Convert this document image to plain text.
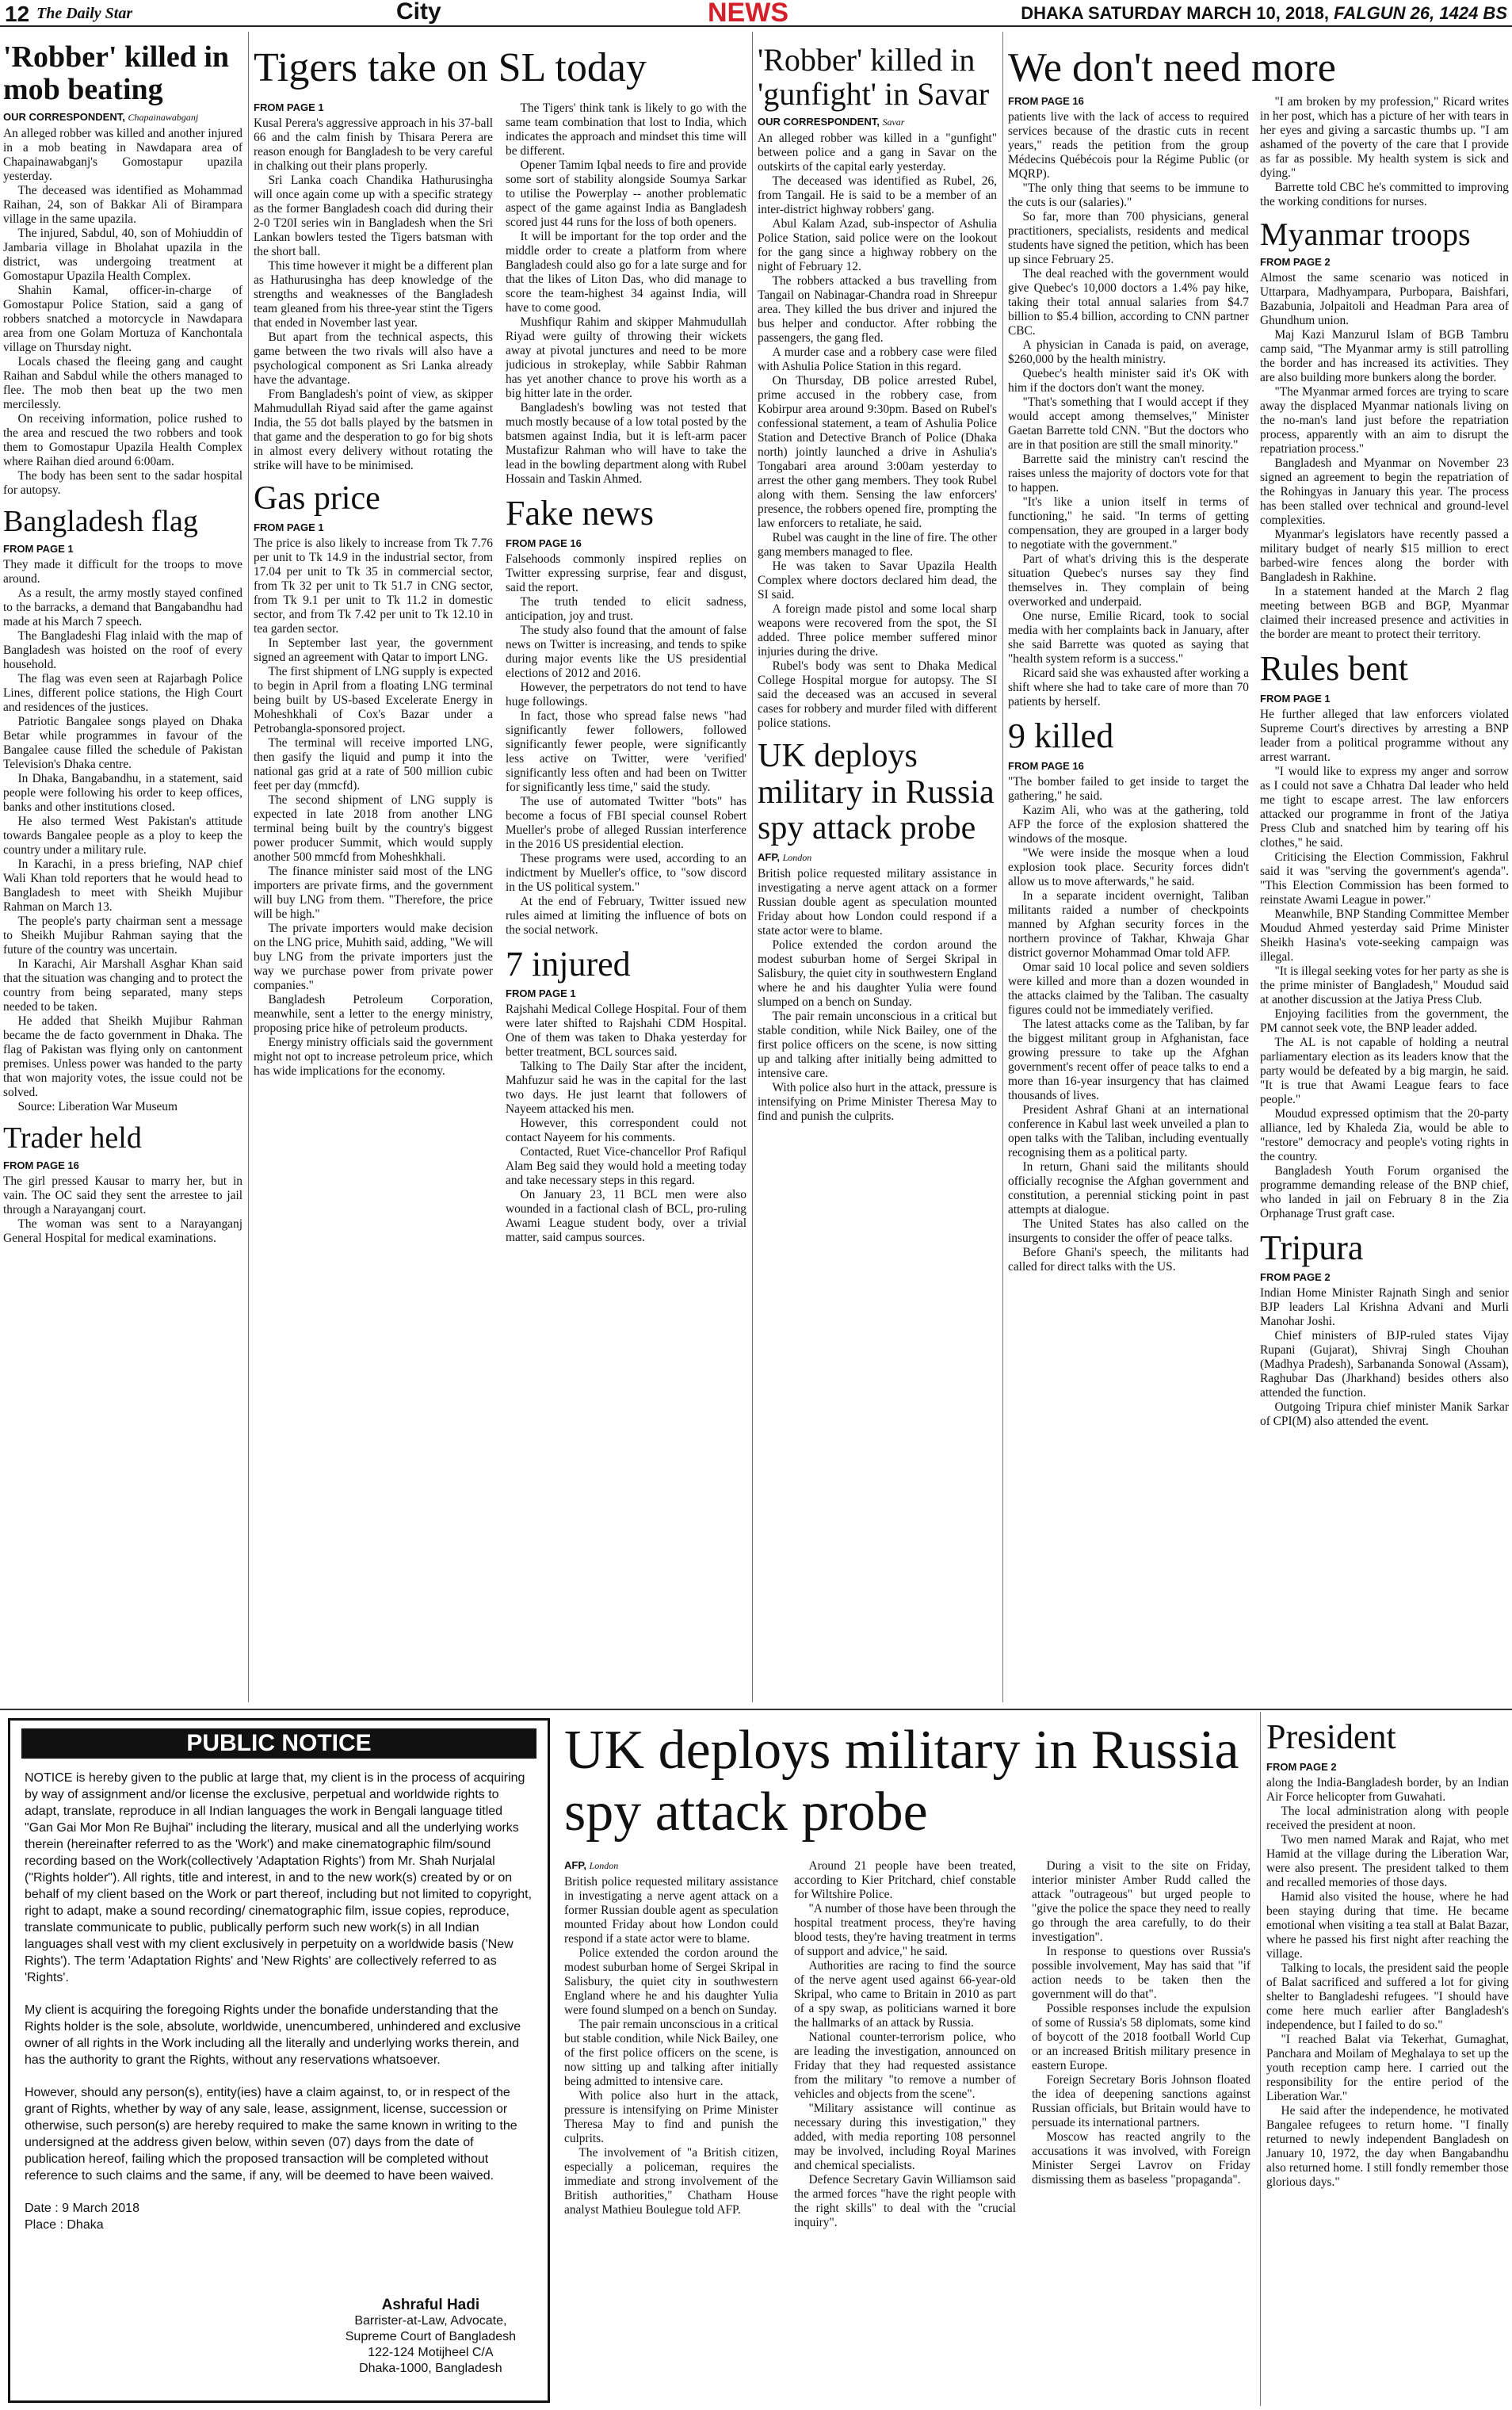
12 The Daily Star	City	NEWS	DHAKA SATURDAY MARCH 10, 2018, FALGUN 26, 1424 BS
'Robber' killed in mob beating
OUR CORRESPONDENT, Chapainawabganj

An alleged robber was killed and another injured in a mob beating in Nawdapara area of Chapainawabganj's Gomostapur upazila yesterday.

The deceased was identified as Mohammad Raihan, 24, son of Bakkar Ali of Birampara village in the same upazila.

The injured, Sabdul, 40, son of Mohiuddin of Jambaria village in Bholahat upazila in the district, was undergoing treatment at Gomostapur Upazila Health Complex.

Shahin Kamal, officer-in-charge of Gomostapur Police Station, said a gang of robbers snatched a motorcycle in Nawdapara area from one Golam Mortuza of Kanchontala village on Thursday night.

Locals chased the fleeing gang and caught Raihan and Sabdul while the others managed to flee. The mob then beat up the two men mercilessly.

On receiving information, police rushed to the area and rescued the two robbers and took them to Gomostapur Upazila Health Complex where Raihan died around 6:00am.

The body has been sent to the sadar hospital for autopsy.

Bangladesh flag
FROM PAGE 1

They made it difficult for the troops to move around.

As a result, the army mostly stayed confined to the barracks, a demand that Bangabandhu had made at his March 7 speech.

The Bangladeshi Flag inlaid with the map of Bangladesh was hoisted on the roof of every household.

The flag was even seen at Rajarbagh Police Lines, different police stations, the High Court and residences of the justices.

Patriotic Bangalee songs played on Dhaka Betar while programmes in favour of the Bangalee cause filled the schedule of Pakistan Television's Dhaka centre.

In Dhaka, Bangabandhu, in a statement, said people were following his order to keep offices, banks and other institutions closed.

He also termed West Pakistan's attitude towards Bangalee people as a ploy to keep the country under a military rule.

In Karachi, in a press briefing, NAP chief Wali Khan told reporters that he would head to Bangladesh to meet with Sheikh Mujibur Rahman on March 13.

The people's party chairman sent a message to Sheikh Mujibur Rahman saying that the future of the country was uncertain.

In Karachi, Air Marshall Asghar Khan said that the situation was changing and to protect the country from being separated, many steps needed to be taken.

He added that Sheikh Mujibur Rahman became the de facto government in Dhaka. The flag of Pakistan was flying only on cantonment premises. Unless power was handed to the party that won majority votes, the issue could not be solved.

Source: Liberation War Museum

Trader held
FROM PAGE 16

The girl pressed Kausar to marry her, but in vain. The OC said they sent the arrestee to jail through a Narayanganj court.

The woman was sent to a Narayanganj General Hospital for medical examinations.

Tigers take on SL today
FROM PAGE 1

Kusal Perera's aggressive approach in his 37-ball 66 and the calm finish by Thisara Perera are reason enough for Bangladesh to be very careful in chalking out their plans properly.

Sri Lanka coach Chandika Hathurusingha will once again come up with a specific strategy as the former Bangladesh coach did during their 2-0 T20I series win in Bangladesh when the Sri Lankan bowlers tested the Tigers batsman with the short ball.

This time however it might be a different plan as Hathurusingha has deep knowledge of the strengths and weaknesses of the Bangladesh team gleaned from his three-year stint the Tigers that ended in November last year.

But apart from the technical aspects, this game between the two rivals will also have a psychological component as Sri Lanka already have the advantage.

From Bangladesh's point of view, as skipper Mahmudullah Riyad said after the game against India, the 55 dot balls played by the batsmen in that game and the desperation to go for big shots in almost every delivery without rotating the strike will have to be minimised.

Gas price
FROM PAGE 1

The price is also likely to increase from Tk 7.76 per unit to Tk 14.9 in the industrial sector, from 17.04 per unit to Tk 35 in commercial sector, from Tk 32 per unit to Tk 51.7 in CNG sector, from Tk 9.1 per unit to Tk 11.2 in domestic sector, and from Tk 7.42 per unit to Tk 12.10 in tea garden sector.

In September last year, the government signed an agreement with Qatar to import LNG.

The first shipment of LNG supply is expected to begin in April from a floating LNG terminal being built by US-based Excelerate Energy in Moheshkhali of Cox's Bazar under a Petrobangla-sponsored project.

The terminal will receive imported LNG, then gasify the liquid and pump it into the national gas grid at a rate of 500 million cubic feet per day (mmcfd).

The second shipment of LNG supply is expected in late 2018 from another LNG terminal being built by the country's biggest power producer Summit, which would supply another 500 mmcfd from Moheshkhali.

The finance minister said most of the LNG importers are private firms, and the government will buy LNG from them. "Therefore, the price will be high."

The private importers would make decision on the LNG price, Muhith said, adding, "We will buy LNG from the private importers just the way we purchase power from private power companies."

Bangladesh Petroleum Corporation, meanwhile, sent a letter to the energy ministry, proposing price hike of petroleum products.

Energy ministry officials said the government might not opt to increase petroleum price, which has wide implications for the economy.

The Tigers' think tank is likely to go with the same team combination that lost to India, which indicates the approach and mindset this time will be different.

Opener Tamim Iqbal needs to fire and provide some sort of stability alongside Soumya Sarkar to utilise the Powerplay -- another problematic aspect of the game against India as Bangladesh scored just 44 runs for the loss of both openers.

It will be important for the top order and the middle order to create a platform from where Bangladesh could also go for a late surge and for that the likes of Liton Das, who did manage to score the team-highest 34 against India, will have to come good.

Mushfiqur Rahim and skipper Mahmudullah Riyad were guilty of throwing their wickets away at pivotal junctures and need to be more judicious in strokeplay, while Sabbir Rahman has yet another chance to prove his worth as a big hitter late in the order.

Bangladesh's bowling was not tested that much mostly because of a low total posted by the batsmen against India, but it is left-arm pacer Mustafizur Rahman who will have to take the lead in the bowling department along with Rubel Hossain and Taskin Ahmed.

Fake news
FROM PAGE 16

Falsehoods commonly inspired replies on Twitter expressing surprise, fear and disgust, said the report.

The truth tended to elicit sadness, anticipation, joy and trust.

The study also found that the amount of false news on Twitter is increasing, and tends to spike during major events like the US presidential elections of 2012 and 2016.

However, the perpetrators do not tend to have huge followings.

In fact, those who spread false news "had significantly fewer followers, followed significantly fewer people, were significantly less active on Twitter, were 'verified' significantly less often and had been on Twitter for significantly less time," said the study.

The use of automated Twitter "bots" has become a focus of FBI special counsel Robert Mueller's probe of alleged Russian interference in the 2016 US presidential election.

These programs were used, according to an indictment by Mueller's office, to "sow discord in the US political system."

At the end of February, Twitter issued new rules aimed at limiting the influence of bots on the social network.

7 injured
FROM PAGE 1

Rajshahi Medical College Hospital. Four of them were later shifted to Rajshahi CDM Hospital. One of them was taken to Dhaka yesterday for better treatment, BCL sources said.

Talking to The Daily Star after the incident, Mahfuzur said he was in the capital for the last two days. He just learnt that followers of Nayeem attacked his men.

However, this correspondent could not contact Nayeem for his comments.

Contacted, Ruet Vice-chancellor Prof Rafiqul Alam Beg said they would hold a meeting today and take necessary steps in this regard.

On January 23, 11 BCL men were also wounded in a factional clash of BCL, pro-ruling Awami League student body, over a trivial matter, said campus sources.

'Robber' killed in 'gunfight' in Savar
OUR CORRESPONDENT, Savar

An alleged robber was killed in a "gunfight" between police and a gang in Savar on the outskirts of the capital early yesterday.

The deceased was identified as Rubel, 26, from Tangail. He is said to be a member of an inter-district highway robbers' gang.

Abul Kalam Azad, sub-inspector of Ashulia Police Station, said police were on the lookout for the gang since a highway robbery on the night of February 12.

The robbers attacked a bus travelling from Tangail on Nabinagar-Chandra road in Shreepur area. They killed the bus driver and injured the bus helper and conductor. After robbing the passengers, the gang fled.

A murder case and a robbery case were filed with Ashulia Police Station in this regard.

On Thursday, DB police arrested Rubel, prime accused in the robbery case, from Kobirpur area around 9:30pm. Based on Rubel's confessional statement, a team of Ashulia Police Station and Detective Branch of Police (Dhaka north) jointly launched a drive in Ashulia's Tongabari area around 3:00am yesterday to arrest the other gang members. They took Rubel along with them. Sensing the law enforcers' presence, the robbers opened fire, prompting the law enforcers to retaliate, he said.

Rubel was caught in the line of fire. The other gang members managed to flee.

He was taken to Savar Upazila Health Complex where doctors declared him dead, the SI said.

A foreign made pistol and some local sharp weapons were recovered from the spot, the SI added. Three police member suffered minor injuries during the drive.

Rubel's body was sent to Dhaka Medical College Hospital morgue for autopsy. The SI said the deceased was an accused in several cases for robbery and murder filed with different police stations.

UK deploys military in Russia spy attack probe
AFP, London

British police requested military assistance in investigating a nerve agent attack on a former Russian double agent as speculation mounted Friday about how London could respond if a state actor were to blame.

Police extended the cordon around the modest suburban home of Sergei Skripal in Salisbury, the quiet city in southwestern England where he and his daughter Yulia were found slumped on a bench on Sunday.

The pair remain unconscious in a critical but stable condition, while Nick Bailey, one of the first police officers on the scene, is now sitting up and talking after initially being admitted to intensive care.

With police also hurt in the attack, pressure is intensifying on Prime Minister Theresa May to find and punish the culprits.

We don't need more
FROM PAGE 16

patients live with the lack of access to required services because of the drastic cuts in recent years," reads the petition from the group Médecins Québécois pour la Régime Public (or MQRP).

"The only thing that seems to be immune to the cuts is our (salaries)."

So far, more than 700 physicians, general practitioners, specialists, residents and medical students have signed the petition, which has been up since February 25.

The deal reached with the government would give Quebec's 10,000 doctors a 1.4% pay hike, taking their total annual salaries from $4.7 billion to $5.4 billion, according to CNN partner CBC.

A physician in Canada is paid, on average, $260,000 by the health ministry.

Quebec's health minister said it's OK with him if the doctors don't want the money.

"That's something that I would accept if they would accept among themselves," Minister Gaetan Barrette told CNN. "But the doctors who are in that position are still the small minority."

Barrette said the ministry can't rescind the raises unless the majority of doctors vote for that to happen.

"It's like a union itself in terms of functioning," he said. "In terms of getting compensation, they are grouped in a larger body to negotiate with the government."

Part of what's driving this is the desperate situation Quebec's nurses say they find themselves in. They complain of being overworked and underpaid.

One nurse, Emilie Ricard, took to social media with her complaints back in January, after she said Barrette was quoted as saying that "health system reform is a success."

Ricard said she was exhausted after working a shift where she had to take care of more than 70 patients by herself.

9 killed
FROM PAGE 16

"The bomber failed to get inside to target the gathering," he said.

Kazim Ali, who was at the gathering, told AFP the force of the explosion shattered the windows of the mosque.

"We were inside the mosque when a loud explosion took place. Security forces didn't allow us to move afterwards," he said.

In a separate incident overnight, Taliban militants raided a number of checkpoints manned by Afghan security forces in the northern province of Takhar, Khwaja Ghar district governor Mohammad Omar told AFP.

Omar said 10 local police and seven soldiers were killed and more than a dozen wounded in the attacks claimed by the Taliban. The casualty figures could not be immediately verified.

The latest attacks come as the Taliban, by far the biggest militant group in Afghanistan, face growing pressure to take up the Afghan government's recent offer of peace talks to end a more than 16-year insurgency that has claimed thousands of lives.

President Ashraf Ghani at an international conference in Kabul last week unveiled a plan to open talks with the Taliban, including eventually recognising them as a political party.

In return, Ghani said the militants should officially recognise the Afghan government and constitution, a perennial sticking point in past attempts at dialogue.

The United States has also called on the insurgents to consider the offer of peace talks.

Before Ghani's speech, the militants had called for direct talks with the US.

"I am broken by my profession," Ricard writes in her post, which has a picture of her with tears in her eyes and giving a sarcastic thumbs up. "I am ashamed of the poverty of the care that I provide as far as possible. My health system is sick and dying."

Barrette told CBC he's committed to improving the working conditions for nurses.

Myanmar troops
FROM PAGE 2

Almost the same scenario was noticed in Uttarpara, Madhyampara, Purbopara, Baishfari, Bazabunia, Jolpaitoli and Headman Para area of Ghundhum union.

Maj Kazi Manzurul Islam of BGB Tambru camp said, "The Myanmar army is still patrolling the border and has increased its activities. They are also building more bunkers along the border.

"The Myanmar armed forces are trying to scare away the displaced Myanmar nationals living on the no-man's land just before the repatriation process, apparently with an aim to disrupt the repatriation process."

Bangladesh and Myanmar on November 23 signed an agreement to begin the repatriation of the Rohingyas in January this year. The process has been stalled over technical and ground-level complexities.

Myanmar's legislators have recently passed a military budget of nearly $15 million to erect barbed-wire fences along the border with Bangladesh in Rakhine.

In a statement handed at the March 2 flag meeting between BGB and BGP, Myanmar claimed their increased presence and activities in the border are meant to protect their territory.

Rules bent
FROM PAGE 1

He further alleged that law enforcers violated Supreme Court's directives by arresting a BNP leader from a political programme without any arrest warrant.

"I would like to express my anger and sorrow as I could not save a Chhatra Dal leader who held me tight to escape arrest. The law enforcers attacked our programme in front of the Jatiya Press Club and snatched him by tearing off his clothes," he said.

Criticising the Election Commission, Fakhrul said it was "serving the government's agenda". "This Election Commission has been formed to reinstate Awami League in power."

Meanwhile, BNP Standing Committee Member Moudud Ahmed yesterday said Prime Minister Sheikh Hasina's vote-seeking campaign was illegal.

"It is illegal seeking votes for her party as she is the prime minister of Bangladesh," Moudud said at another discussion at the Jatiya Press Club.

Enjoying facilities from the government, the PM cannot seek vote, the BNP leader added.

The AL is not capable of holding a neutral parliamentary election as its leaders know that the party would be defeated by a big margin, he said. "It is true that Awami League fears to face people."

Moudud expressed optimism that the 20-party alliance, led by Khaleda Zia, would be able to "restore" democracy and people's voting rights in the country.

Bangladesh Youth Forum organised the programme demanding release of the BNP chief, who landed in jail on February 8 in the Zia Orphanage Trust graft case.

Tripura
FROM PAGE 2

Indian Home Minister Rajnath Singh and senior BJP leaders Lal Krishna Advani and Murli Manohar Joshi.

Chief ministers of BJP-ruled states Vijay Rupani (Gujarat), Shivraj Singh Chouhan (Madhya Pradesh), Sarbananda Sonowal (Assam), Raghubar Das (Jharkhand) besides others also attended the function.

Outgoing Tripura chief minister Manik Sarkar of CPI(M) also attended the event.

PUBLIC NOTICE

NOTICE is hereby given to the public at large that, my client is in the process of acquiring by way of assignment and/or license the exclusive, perpetual and worldwide rights to adapt, translate, reproduce in all Indian languages the work in Bengali language titled "Gan Gai Mor Mon Re Bujhai" including the literary, musical and all the underlying works therein (hereinafter referred to as the 'Work') and make cinematographic film/sound recording based on the Work(collectively 'Adaptation Rights') from Mr. Shah Nurjalal ("Rights holder"). All rights, title and interest, in and to the new work(s) created by or on behalf of my client based on the Work or part thereof, including but not limited to copyright, right to adapt, make a sound recording/ cinematographic film, issue copies, reproduce, translate communicate to public, publically perform such new work(s) in all Indian languages shall vest with my client exclusively in perpetuity on a worldwide basis ('New Rights'). The term 'Adaptation Rights' and 'New Rights' are collectively referred to as 'Rights'.

My client is acquiring the foregoing Rights under the bonafide understanding that the Rights holder is the sole, absolute, worldwide, unencumbered, unhindered and exclusive owner of all rights in the Work including all the literally and underlying works therein, and has the authority to grant the Rights, without any reservations whatsoever.

However, should any person(s), entity(ies) have a claim against, to, or in respect of the grant of Rights, whether by way of any sale, lease, assignment, license, succession or otherwise, such person(s) are hereby required to make the same known in writing to the undersigned at the address given below, within seven (07) days from the date of publication hereof, failing which the proposed transaction will be completed without reference to such claims and the same, if any, will be deemed to have been waived.

Date : 9 March 2018
Place : Dhaka
Ashraful Hadi
Barrister-at-Law, Advocate,
Supreme Court of Bangladesh
122-124 Motijheel C/A
Dhaka-1000, Bangladesh
UK deploys military in Russia spy attack probe
AFP, London

British police requested military assistance in investigating a nerve agent attack on a former Russian double agent as speculation mounted Friday about how London could respond if a state actor were to blame.

Police extended the cordon around the modest suburban home of Sergei Skripal in Salisbury, the quiet city in southwestern England where he and his daughter Yulia were found slumped on a bench on Sunday.

The pair remain unconscious in a critical but stable condition, while Nick Bailey, one of the first police officers on the scene, is now sitting up and talking after initially being admitted to intensive care.

With police also hurt in the attack, pressure is intensifying on Prime Minister Theresa May to find and punish the culprits.

The involvement of "a British citizen, especially a policeman, requires the immediate and strong involvement of the British authorities," Chatham House analyst Mathieu Boulegue told AFP.

Around 21 people have been treated, according to Kier Pritchard, chief constable for Wiltshire Police.

"A number of those have been through the hospital treatment process, they're having blood tests, they're having treatment in terms of support and advice," he said.

Authorities are racing to find the source of the nerve agent used against 66-year-old Skripal, who came to Britain in 2010 as part of a spy swap, as politicians warned it bore the hallmarks of an attack by Russia.

National counter-terrorism police, who are leading the investigation, announced on Friday that they had requested assistance from the military "to remove a number of vehicles and objects from the scene".

"Military assistance will continue as necessary during this investigation," they added, with media reporting 108 personnel may be involved, including Royal Marines and chemical specialists.

Defence Secretary Gavin Williamson said the armed forces "have the right people with the right skills" to deal with the "crucial inquiry".

During a visit to the site on Friday, interior minister Amber Rudd called the attack "outrageous" but urged people to "give the police the space they need to really go through the area carefully, to do their investigation".

In response to questions over Russia's possible involvement, May has said that "if action needs to be taken then the government will do that".

Possible responses include the expulsion of some of Russia's 58 diplomats, some kind of boycott of the 2018 football World Cup or an increased British military presence in eastern Europe.

Foreign Secretary Boris Johnson floated the idea of deepening sanctions against Russian officials, but Britain would have to persuade its international partners.

Moscow has reacted angrily to the accusations it was involved, with Foreign Minister Sergei Lavrov on Friday dismissing them as baseless "propaganda".

President
FROM PAGE 2

along the India-Bangladesh border, by an Indian Air Force helicopter from Guwahati.

The local administration along with people received the president at noon.

Two men named Marak and Rajat, who met Hamid at the village during the Liberation War, were also present. The president talked to them and recalled memories of those days.

Hamid also visited the house, where he had been staying during that time. He became emotional when visiting a tea stall at Balat Bazar, where he passed his first night after reaching the village.

Talking to locals, the president said the people of Balat sacrificed and suffered a lot for giving shelter to Bangladeshi refugees. "I should have come here much earlier after Bangladesh's independence, but I failed to do so."

"I reached Balat via Tekerhat, Gumaghat, Panchara and Moilam of Meghalaya to set up the youth reception camp here. I carried out the responsibility for the entire period of the Liberation War."

He said after the independence, he motivated Bangalee refugees to return home. "I finally returned to newly independent Bangladesh on January 10, 1972, the day when Bangabandhu also returned home. I still fondly remember those glorious days."
